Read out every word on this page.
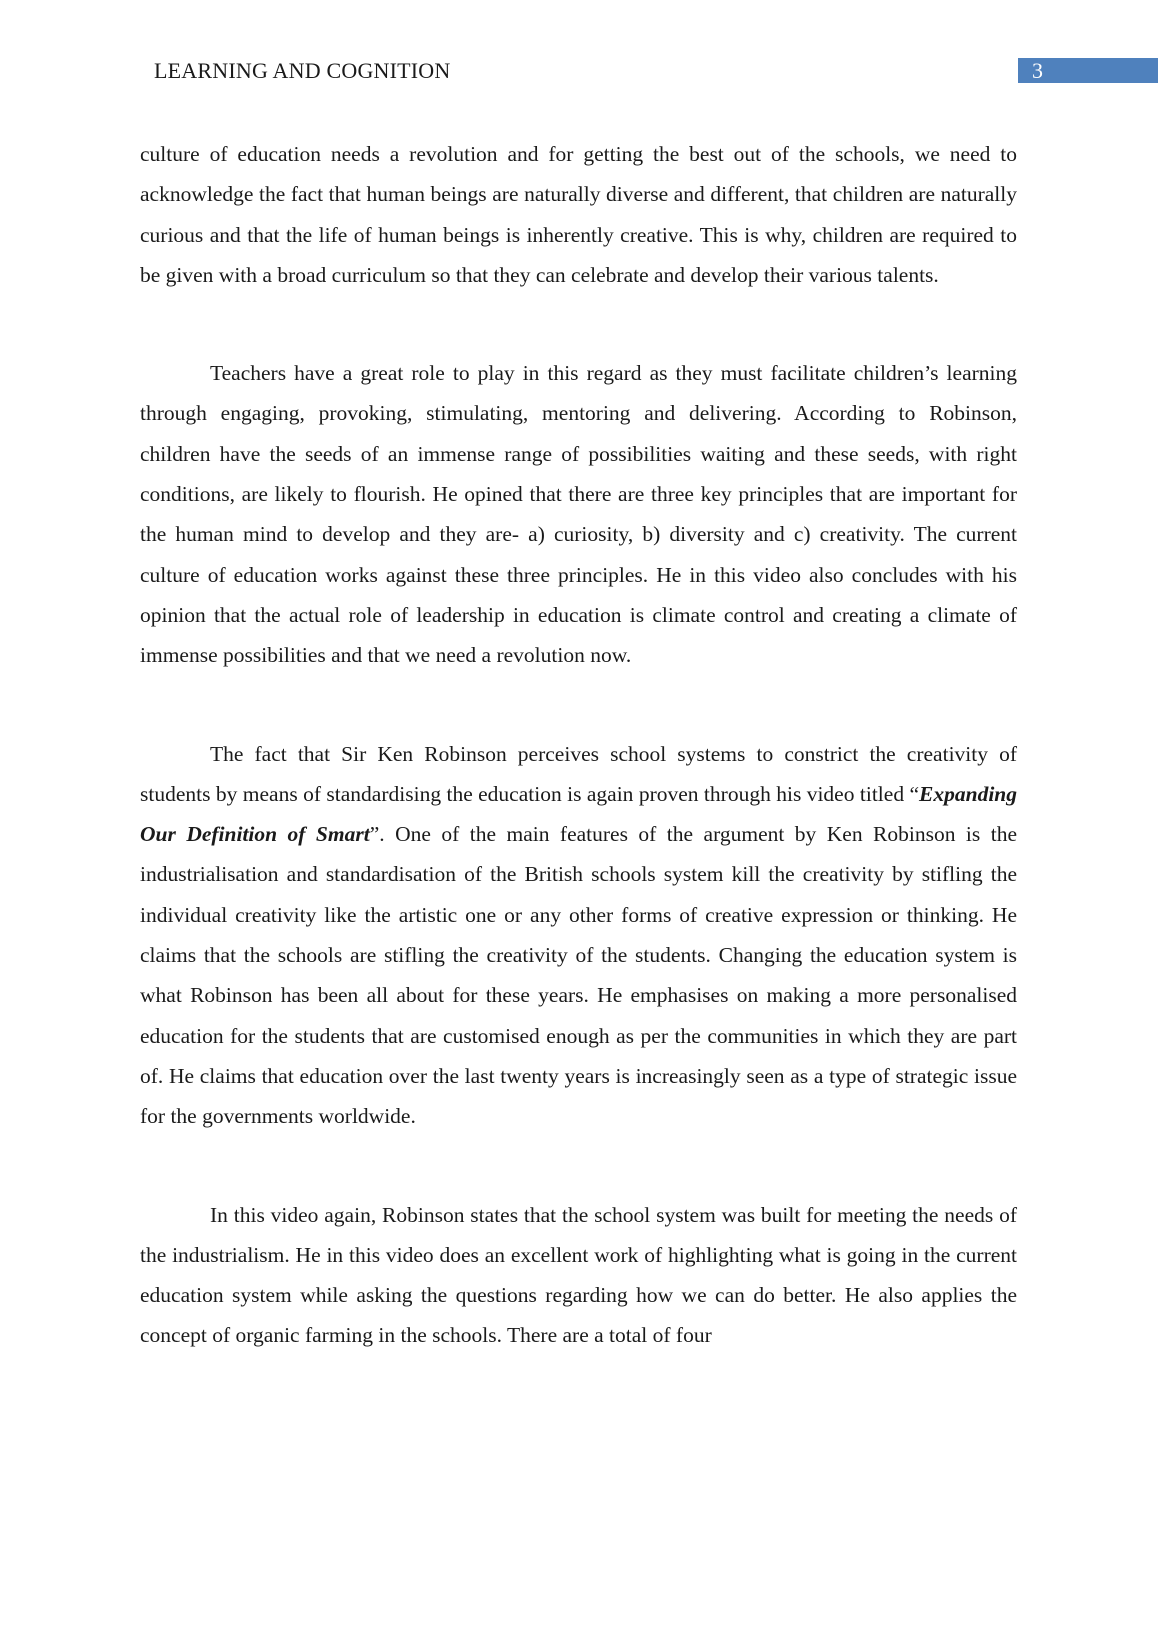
LEARNING AND COGNITION	3

culture of education needs a revolution and for getting the best out of the schools, we need to acknowledge the fact that human beings are naturally diverse and different, that children are naturally curious and that the life of human beings is inherently creative. This is why, children are required to be given with a broad curriculum so that they can celebrate and develop their various talents.

Teachers have a great role to play in this regard as they must facilitate children’s learning through engaging, provoking, stimulating, mentoring and delivering. According to Robinson, children have the seeds of an immense range of possibilities waiting and these seeds, with right conditions, are likely to flourish. He opined that there are three key principles that are important for the human mind to develop and they are- a) curiosity, b) diversity and c) creativity. The current culture of education works against these three principles. He in this video also concludes with his opinion that the actual role of leadership in education is climate control and creating a climate of immense possibilities and that we need a revolution now.

The fact that Sir Ken Robinson perceives school systems to constrict the creativity of students by means of standardising the education is again proven through his video titled “Expanding Our Definition of Smart”. One of the main features of the argument by Ken Robinson is the industrialisation and standardisation of the British schools system kill the creativity by stifling the individual creativity like the artistic one or any other forms of creative expression or thinking. He claims that the schools are stifling the creativity of the students. Changing the education system is what Robinson has been all about for these years. He emphasises on making a more personalised education for the students that are customised enough as per the communities in which they are part of. He claims that education over the last twenty years is increasingly seen as a type of strategic issue for the governments worldwide.

In this video again, Robinson states that the school system was built for meeting the needs of the industrialism. He in this video does an excellent work of highlighting what is going in the current education system while asking the questions regarding how we can do better. He also applies the concept of organic farming in the schools. There are a total of four
